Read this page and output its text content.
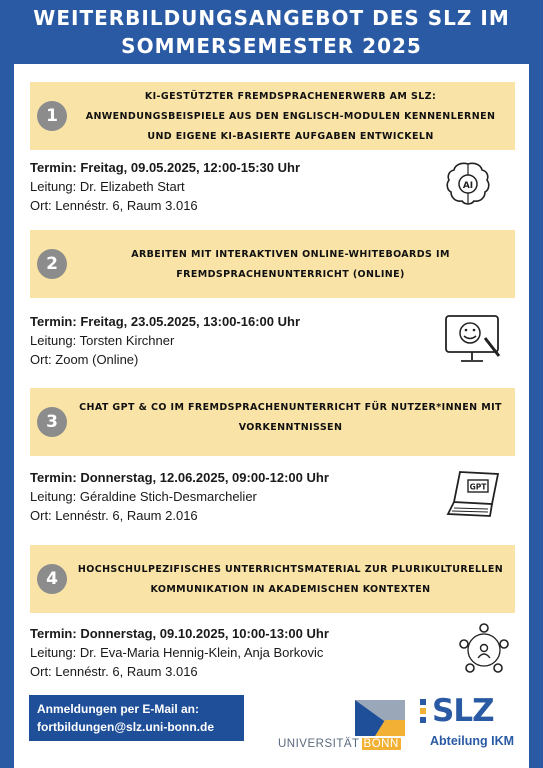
WEITERBILDUNGSANGEBOT DES SLZ IM
SOMMERSEMESTER 2025
1
KI-GESTÜTZTER FREMDSPRACHENERWERB AM SLZ:
ANWENDUNGSBEISPIELE AUS DEN ENGLISCH-MODULEN KENNENLERNEN
UND EIGENE KI-BASIERTE AUFGABEN ENTWICKELN
Termin: Freitag, 09.05.2025, 12:00-15:30 Uhr
Leitung: Dr. Elizabeth Start
Ort: Lennéstr. 6, Raum 3.016
AI
2	ARBEITEN MIT INTERAKTIVEN ONLINE-WHITEBOARDS IM
FREMDSPRACHENUNTERRICHT (ONLINE)
Termin: Freitag, 23.05.2025, 13:00-16:00 Uhr
Leitung: Torsten Kirchner
Ort: Zoom (Online)
3
CHAT GPT & CO IM FREMDSPRACHENUNTERRICHT FÜR NUTZER*INNEN MIT
VORKENNTNISSEN
Termin: Donnerstag, 12.06.2025, 09:00-12:00 Uhr
Leitung: Géraldine Stich-Desmarchelier
Ort: Lennéstr. 6, Raum 2.016
GPT
4	HOCHSCHULPEZIFISCHES UNTERRICHTSMATERIAL ZUR PLURIKULTURELLEN
KOMMUNIKATION IN AKADEMISCHEN KONTEXTEN
Termin: Donnerstag, 09.10.2025, 10:00-13:00 Uhr
Leitung: Dr. Eva-Maria Hennig-Klein, Anja Borkovic
Ort: Lennéstr. 6, Raum 3.016
Anmeldungen per E-Mail an:
fortbildungen@slz.uni-bonn.de
UNIVERSITÄT BONN
SLZ
Abteilung IKM
